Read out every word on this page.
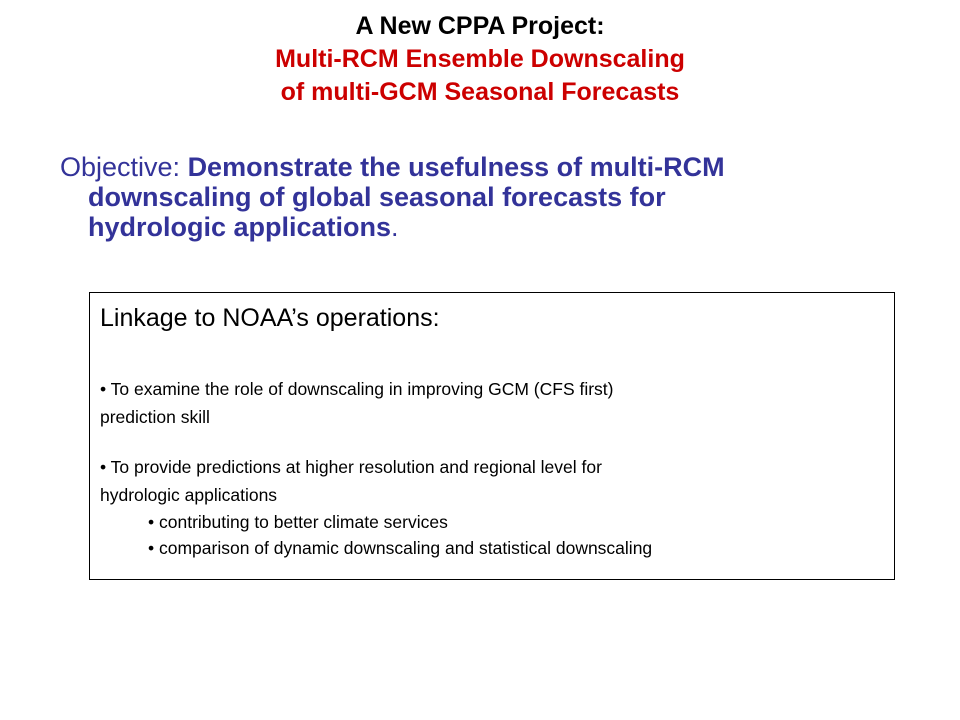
A New CPPA Project:
Multi-RCM Ensemble Downscaling
of multi-GCM Seasonal Forecasts
Objective: Demonstrate the usefulness of multi-RCM
downscaling of global seasonal forecasts for
hydrologic applications.
Linkage to NOAA’s operations:
• To examine the role of downscaling in improving GCM (CFS first)
prediction skill
• To provide predictions at higher resolution and regional level for
hydrologic applications
• contributing to better climate services
• comparison of dynamic downscaling and statistical downscaling
